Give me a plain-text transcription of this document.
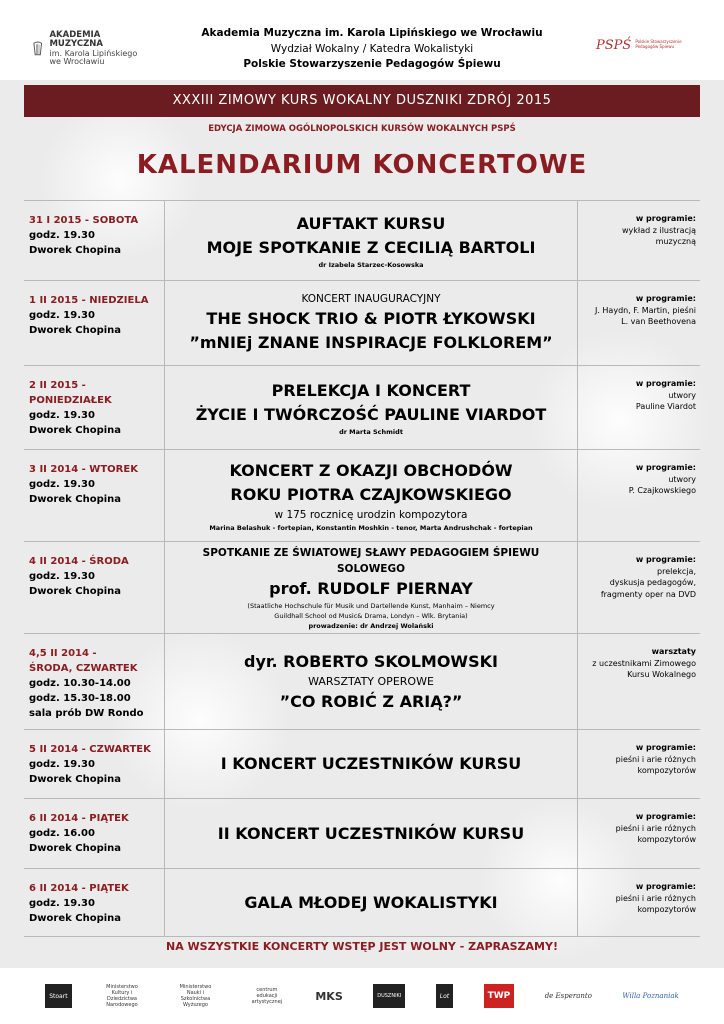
AKADEMIA MUZYCZNA
im. Karola Lipińskiego we Wrocławiu
Akademia Muzyczna im. Karola Lipińskiego we Wrocławiu
Wydział Wokalny / Katedra Wokalistyki
Polskie Stowarzyszenie Pedagogów Śpiewu
PSPŚ Polskie Stowarzyszenie
Pedagogów Śpiewu
XXXIII ZIMOWY KURS WOKALNY DUSZNIKI ZDRÓJ 2015
EDYCJA ZIMOWA OGÓLNOPOLSKICH KURSÓW WOKALNYCH PSPŚ
KALENDARIUM KONCERTOWE
31 I 2015 - SOBOTA
godz. 19.30
Dworek Chopina
AUFTAKT KURSU
MOJE SPOTKANIE Z CECILIĄ BARTOLI
dr Izabela Starzec-Kosowska
w programie:
wykład z ilustracją
muzyczną
1 II 2015 - NIEDZIELA
godz. 19.30
Dworek Chopina
KONCERT INAUGURACYJNY
THE SHOCK TRIO & PIOTR ŁYKOWSKI
”mNIEj ZNANE INSPIRACJE FOLKLOREM”
w programie:
J. Haydn, F. Martin, pieśni
L. van Beethovena
2 II 2015 - PONIEDZIAŁEK
godz. 19.30
Dworek Chopina
PRELEKCJA I KONCERT
ŻYCIE I TWÓRCZOŚĆ PAULINE VIARDOT
dr Marta Schmidt
w programie:
utwory
Pauline Viardot
3 II 2014 - WTOREK
godz. 19.30
Dworek Chopina
KONCERT Z OKAZJI OBCHODÓW
ROKU PIOTRA CZAJKOWSKIEGO
w 175 rocznicę urodzin kompozytora
Marina Belashuk - fortepian, Konstantin Moshkin - tenor, Marta Andrushchak - fortepian
w programie:
utwory
P. Czajkowskiego
4 II 2014 - ŚRODA
godz. 19.30
Dworek Chopina
SPOTKANIE ZE ŚWIATOWEJ SŁAWY PEDAGOGIEM ŚPIEWU SOLOWEGO
prof. RUDOLF PIERNAY
(Staatliche Hochschule für Musik und Dartellende Kunst, Manhaim – Niemcy
Guildhall School od Music& Drama, Londyn – Wlk. Brytania)
prowadzenie: dr Andrzej Wolański
w programie:
prelekcja,
dyskusja pedagogów,
fragmenty oper na DVD
4,5 II 2014 -
ŚRODA, CZWARTEK
godz. 10.30-14.00
godz. 15.30-18.00
sala prób DW Rondo
dyr. ROBERTO SKOLMOWSKI
WARSZTATY OPEROWE
”CO ROBIĆ Z ARIĄ?”
warsztaty
z uczestnikami Zimowego
Kursu Wokalnego
5 II 2014 - CZWARTEK
godz. 19.30
Dworek Chopina
I KONCERT UCZESTNIKÓW KURSU
w programie:
pieśni i arie różnych
kompozytorów
6 II 2014 - PIĄTEK
godz. 16.00
Dworek Chopina
II KONCERT UCZESTNIKÓW KURSU
w programie:
pieśni i arie różnych
kompozytorów
6 II 2014 - PIĄTEK
godz. 19.30
Dworek Chopina
GALA MŁODEJ WOKALISTYKI
w programie:
pieśni i arie różnych
kompozytorów
NA WSZYSTKIE KONCERTY WSTĘP JEST WOLNY - ZAPRASZAMY!
Stoart
Ministerstwo Kultury i Dziedzictwa Narodowego
Ministerstwo Nauki i Szkolnictwa Wyższego
centrum edukacji artystycznej	MKS	DUSZNIKI	Lot	TWP	de Esperanto	Willa Poznaniak
